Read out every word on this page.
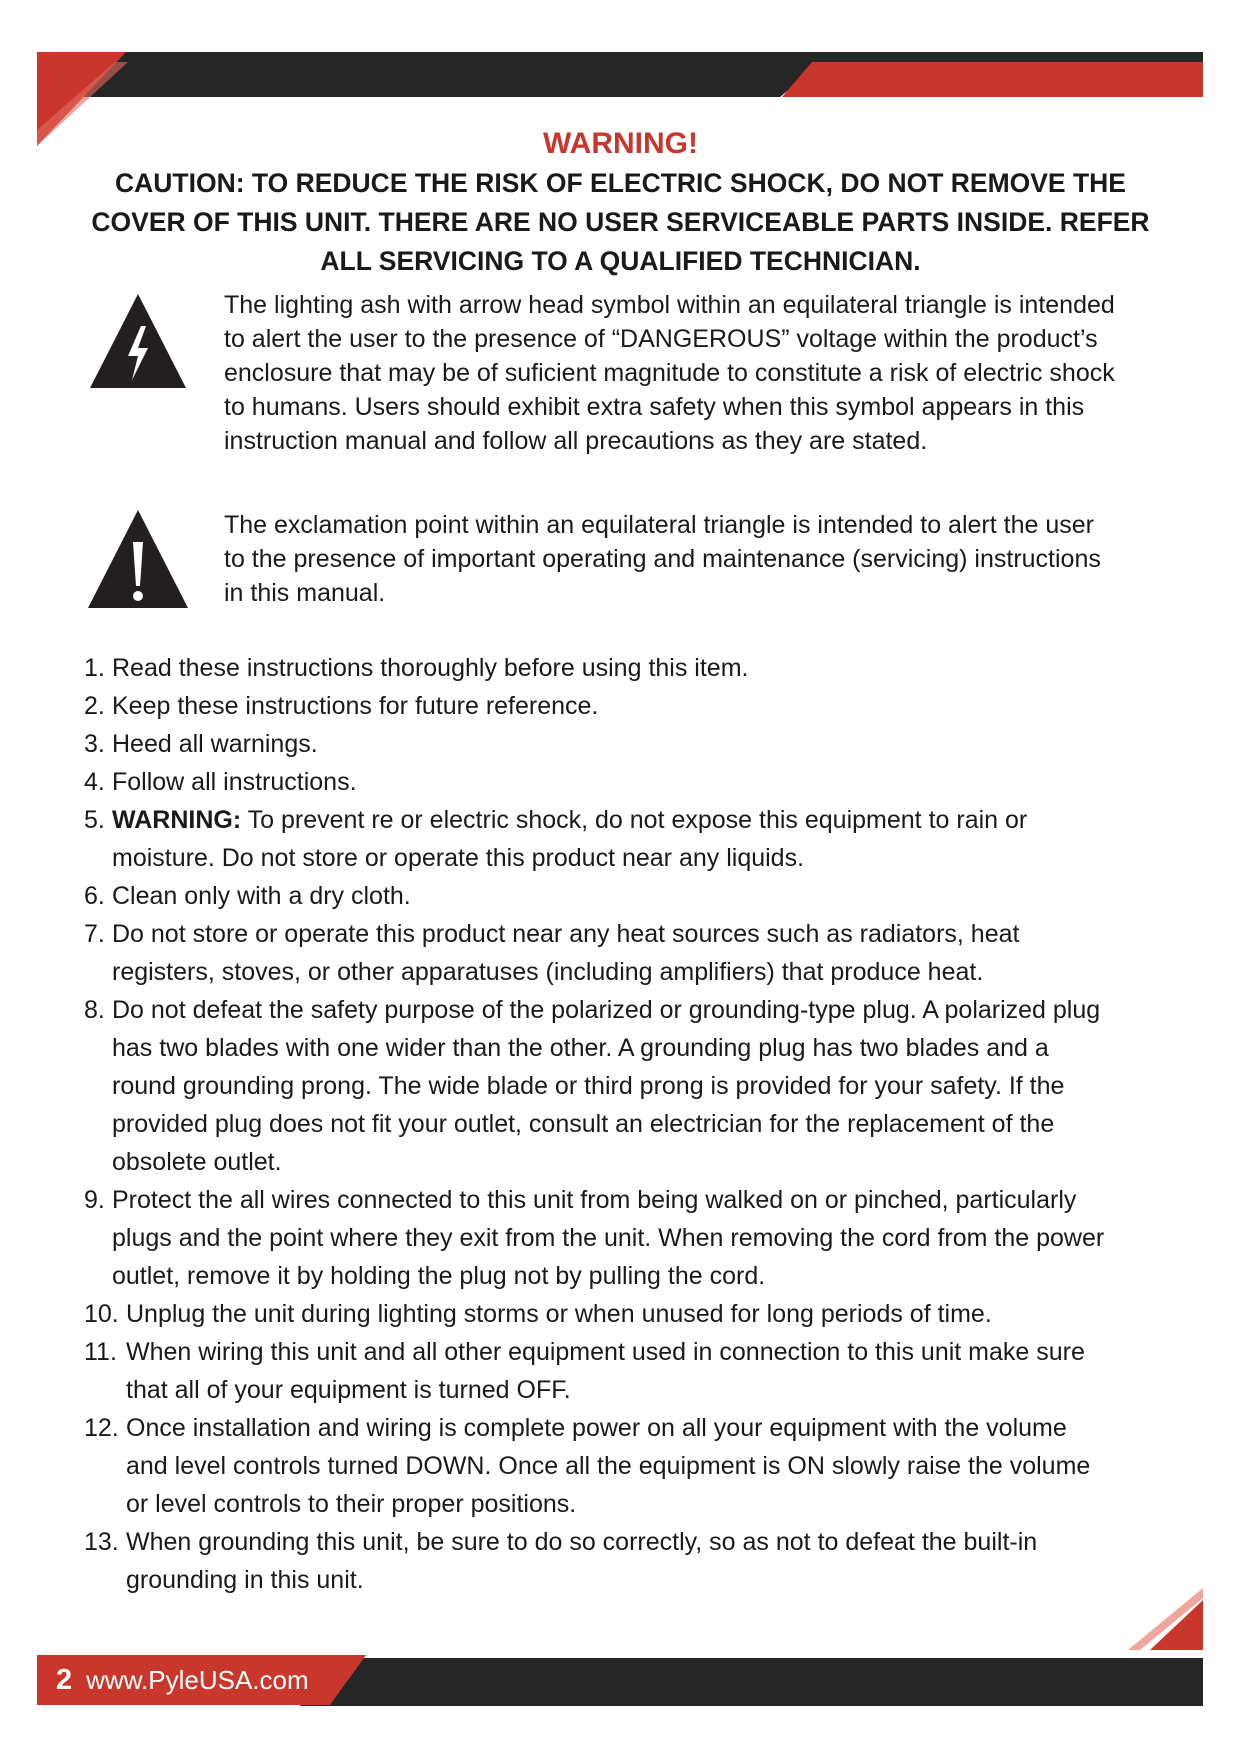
WARNING!
CAUTION: TO REDUCE THE RISK OF ELECTRIC SHOCK, DO NOT REMOVE THE COVER OF THIS UNIT. THERE ARE NO USER SERVICEABLE PARTS INSIDE. REFER ALL SERVICING TO A QUALIFIED TECHNICIAN.

The lighting ash with arrow head symbol within an equilateral triangle is intended to alert the user to the presence of “DANGEROUS” voltage within the product’s enclosure that may be of suficient magnitude to constitute a risk of electric shock to humans. Users should exhibit extra safety when this symbol appears in this instruction manual and follow all precautions as they are stated.

The exclamation point within an equilateral triangle is intended to alert the user to the presence of important operating and maintenance (servicing) instructions in this manual.

1. Read these instructions thoroughly before using this item.
2. Keep these instructions for future reference.
3. Heed all warnings.
4. Follow all instructions.
5. WARNING: To prevent re or electric shock, do not expose this equipment to rain or moisture. Do not store or operate this product near any liquids.
6. Clean only with a dry cloth.
7. Do not store or operate this product near any heat sources such as radiators, heat registers, stoves, or other apparatuses (including amplifiers) that produce heat.
8. Do not defeat the safety purpose of the polarized or grounding-type plug. A polarized plug has two blades with one wider than the other. A grounding plug has two blades and a round grounding prong. The wide blade or third prong is provided for your safety. If the provided plug does not fit your outlet, consult an electrician for the replacement of the obsolete outlet.
9. Protect the all wires connected to this unit from being walked on or pinched, particularly plugs and the point where they exit from the unit. When removing the cord from the power outlet, remove it by holding the plug not by pulling the cord.
10. Unplug the unit during lighting storms or when unused for long periods of time.
11. When wiring this unit and all other equipment used in connection to this unit make sure that all of your equipment is turned OFF.
12. Once installation and wiring is complete power on all your equipment with the volume and level controls turned DOWN. Once all the equipment is ON slowly raise the volume or level controls to their proper positions.
13. When grounding this unit, be sure to do so correctly, so as not to defeat the built-in grounding in this unit.
2 www.PyleUSA.com
